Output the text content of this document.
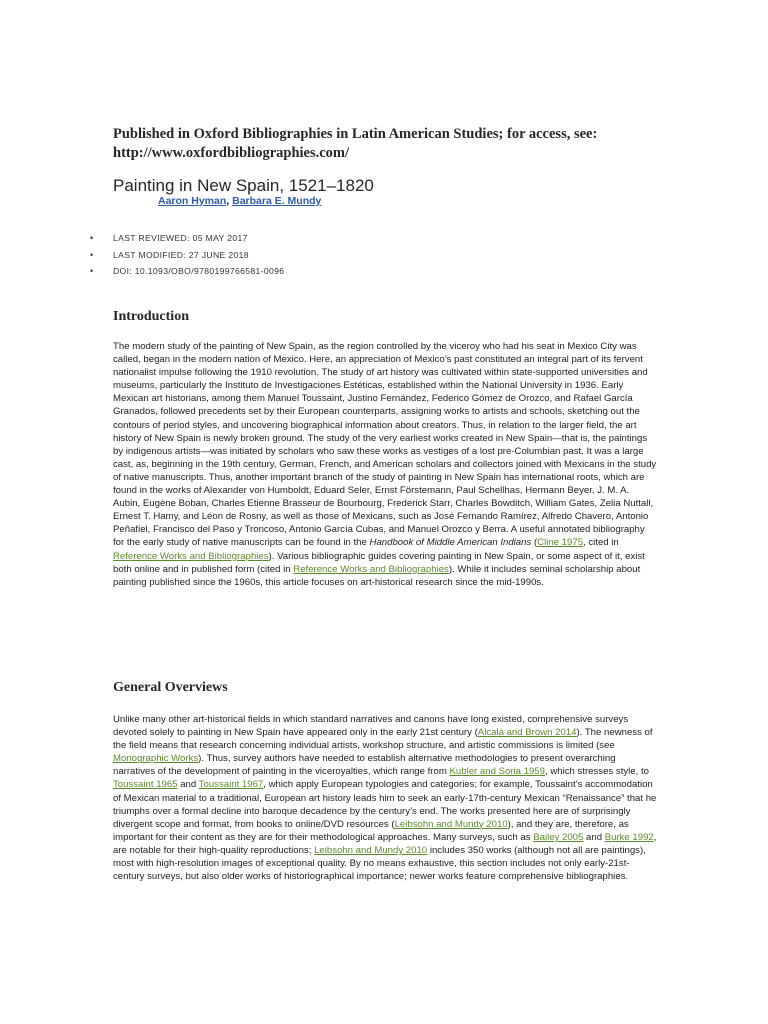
Published in Oxford Bibliographies in Latin American Studies; for access, see: http://www.oxfordbibliographies.com/

Painting in New Spain, 1521–1820

Aaron Hyman, Barbara E. Mundy

• LAST REVIEWED: 05 MAY 2017
• LAST MODIFIED: 27 JUNE 2018
• DOI: 10.1093/OBO/9780199766581-0096
Introduction

The modern study of the painting of New Spain, as the region controlled by the viceroy who had his seat in Mexico City was called, began in the modern nation of Mexico. Here, an appreciation of Mexico’s past constituted an integral part of its fervent nationalist impulse following the 1910 revolution. The study of art history was cultivated within state-supported universities and museums, particularly the Instituto de Investigaciones Estéticas, established within the National University in 1936. Early Mexican art historians, among them Manuel Toussaint, Justino Fernández, Federico Gómez de Orozco, and Rafael García Granados, followed precedents set by their European counterparts, assigning works to artists and schools, sketching out the contours of period styles, and uncovering biographical information about creators. Thus, in relation to the larger field, the art history of New Spain is newly broken ground. The study of the very earliest works created in New Spain—that is, the paintings by indigenous artists—was initiated by scholars who saw these works as vestiges of a lost pre-Columbian past. It was a large cast, as, beginning in the 19th century, German, French, and American scholars and collectors joined with Mexicans in the study of native manuscripts. Thus, another important branch of the study of painting in New Spain has international roots, which are found in the works of Alexander von Humboldt, Eduard Seler, Ernst Förstemann, Paul Schellhas, Hermann Beyer, J. M. A. Aubin, Eugène Boban, Charles Etienne Brasseur de Bourbourg, Frederick Starr, Charles Bowditch, William Gates, Zelia Nuttall, Ernest T. Hamy, and Léon de Rosny, as well as those of Mexicans, such as José Fernando Ramírez, Alfredo Chavero, Antonio Peñafiel, Francisco del Paso y Troncoso, Antonio García Cubas, and Manuel Orozco y Berra. A useful annotated bibliography for the early study of native manuscripts can be found in the Handbook of Middle American Indians (Cline 1975, cited in Reference Works and Bibliographies). Various bibliographic guides covering painting in New Spain, or some aspect of it, exist both online and in published form (cited in Reference Works and Bibliographies). While it includes seminal scholarship about painting published since the 1960s, this article focuses on art-historical research since the mid-1990s.

General Overviews

Unlike many other art-historical fields in which standard narratives and canons have long existed, comprehensive surveys devoted solely to painting in New Spain have appeared only in the early 21st century (Alcalá and Brown 2014). The newness of the field means that research concerning individual artists, workshop structure, and artistic commissions is limited (see Monographic Works). Thus, survey authors have needed to establish alternative methodologies to present overarching narratives of the development of painting in the viceroyalties, which range from Kubler and Soria 1959, which stresses style, to Toussaint 1965 and Toussaint 1967, which apply European typologies and categories; for example, Toussaint’s accommodation of Mexican material to a traditional, European art history leads him to seek an early-17th-century Mexican “Renaissance” that he triumphs over a formal decline into baroque decadence by the century’s end. The works presented here are of surprisingly divergent scope and format, from books to online/DVD resources (Leibsohn and Mundy 2010), and they are, therefore, as important for their content as they are for their methodological approaches. Many surveys, such as Bailey 2005 and Burke 1992, are notable for their high-quality reproductions; Leibsohn and Mundy 2010 includes 350 works (although not all are paintings), most with high-resolution images of exceptional quality. By no means exhaustive, this section includes not only early-21st-century surveys, but also older works of historiographical importance; newer works feature comprehensive bibliographies.
